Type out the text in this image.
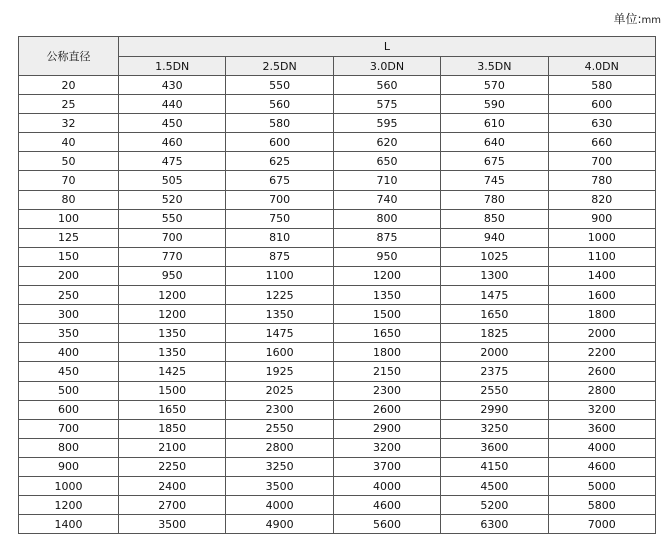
单位:mm
公称直径	L				
	1.5DN	2.5DN	3.0DN	3.5DN	4.0DN
20	430	550	560	570	580
25	440	560	575	590	600
32	450	580	595	610	630
40	460	600	620	640	660
50	475	625	650	675	700
70	505	675	710	745	780
80	520	700	740	780	820
100	550	750	800	850	900
125	700	810	875	940	1000
150	770	875	950	1025	1100
200	950	1100	1200	1300	1400
250	1200	1225	1350	1475	1600
300	1200	1350	1500	1650	1800
350	1350	1475	1650	1825	2000
400	1350	1600	1800	2000	2200
450	1425	1925	2150	2375	2600
500	1500	2025	2300	2550	2800
600	1650	2300	2600	2990	3200
700	1850	2550	2900	3250	3600
800	2100	2800	3200	3600	4000
900	2250	3250	3700	4150	4600
1000	2400	3500	4000	4500	5000
1200	2700	4000	4600	5200	5800
1400	3500	4900	5600	6300	7000
